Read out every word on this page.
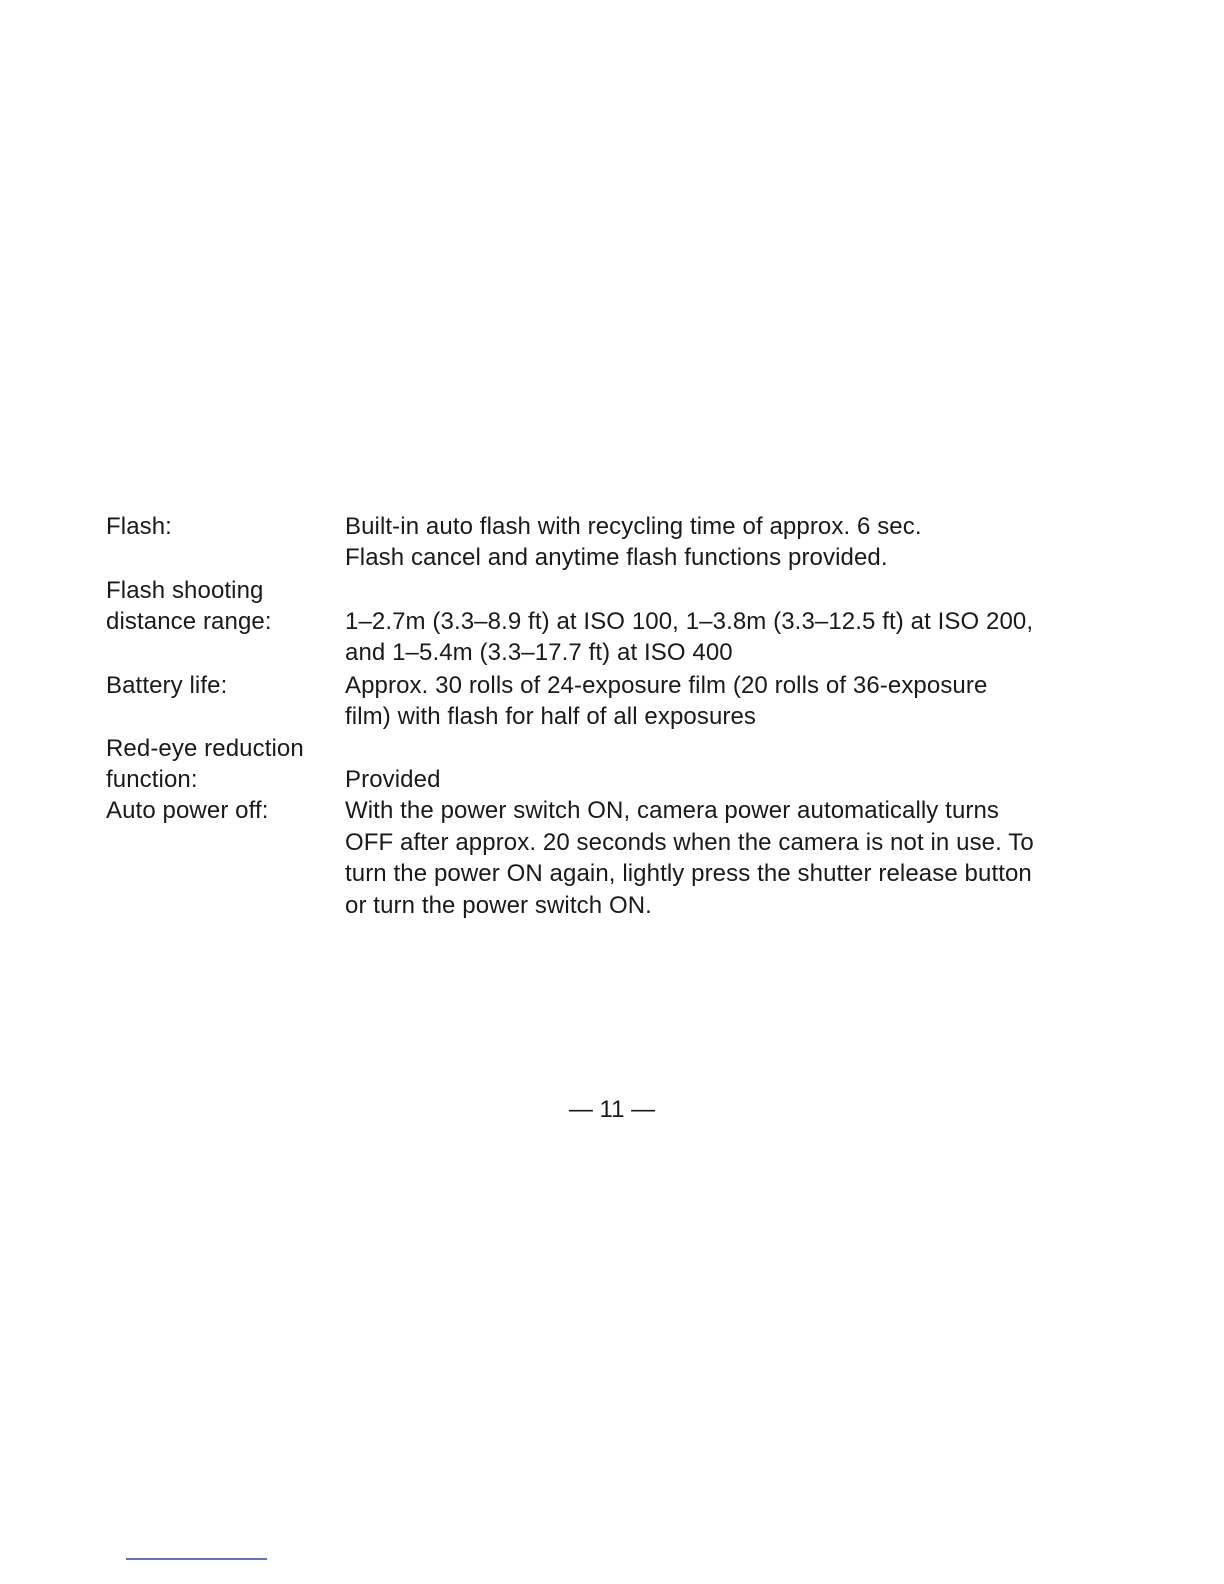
Flash:	Built-in auto flash with recycling time of approx. 6 sec.
Flash cancel and anytime flash functions provided.
Flash shooting
distance range:	1–2.7m (3.3–8.9 ft) at ISO 100, 1–3.8m (3.3–12.5 ft) at ISO 200,
and 1–5.4m (3.3–17.7 ft) at ISO 400
Battery life:	Approx. 30 rolls of 24-exposure film (20 rolls of 36-exposure
film) with flash for half of all exposures
Red-eye reduction
function:	Provided
Auto power off:	With the power switch ON, camera power automatically turns
OFF after approx. 20 seconds when the camera is not in use. To
turn the power ON again, lightly press the shutter release button
or turn the power switch ON.
— 11 —
